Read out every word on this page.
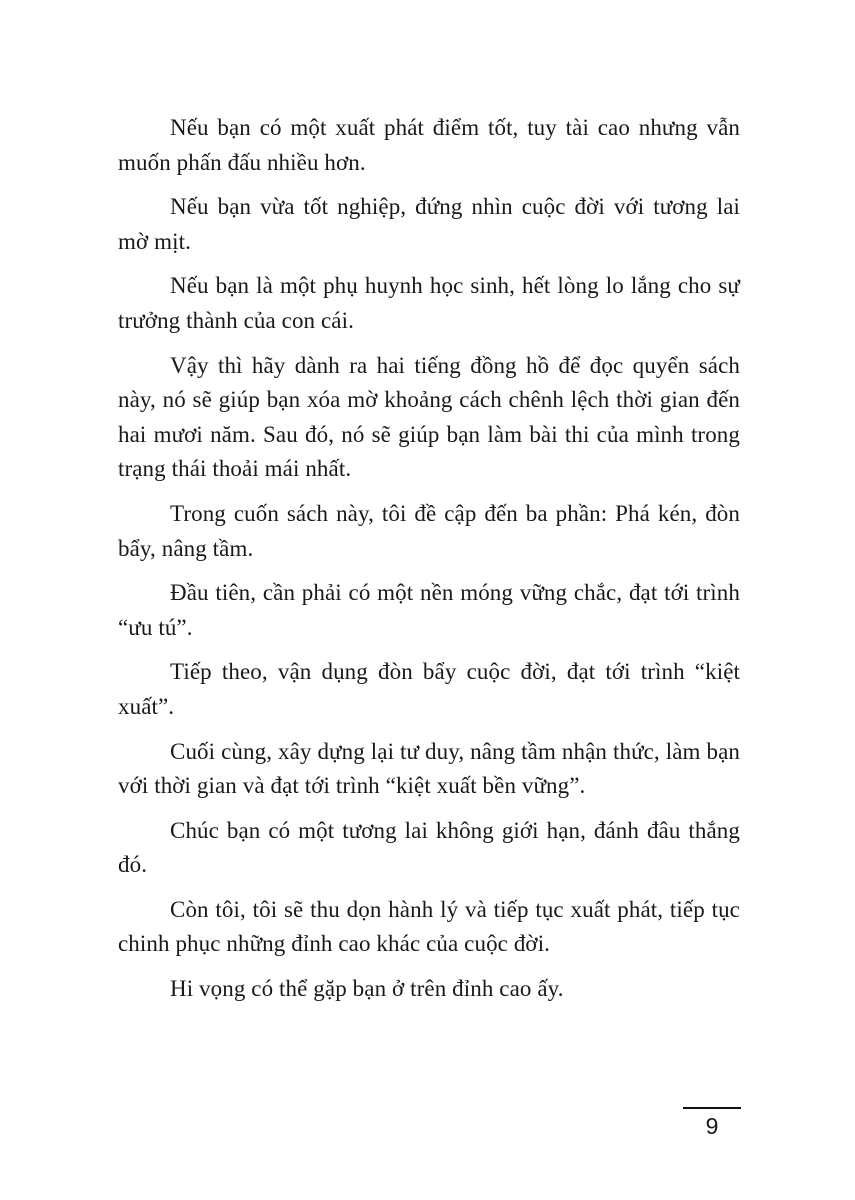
Nếu bạn có một xuất phát điểm tốt, tuy tài cao nhưng vẫn muốn phấn đấu nhiều hơn.

Nếu bạn vừa tốt nghiệp, đứng nhìn cuộc đời với tương lai mờ mịt.

Nếu bạn là một phụ huynh học sinh, hết lòng lo lắng cho sự trưởng thành của con cái.

Vậy thì hãy dành ra hai tiếng đồng hồ để đọc quyển sách này, nó sẽ giúp bạn xóa mờ khoảng cách chênh lệch thời gian đến hai mươi năm. Sau đó, nó sẽ giúp bạn làm bài thi của mình trong trạng thái thoải mái nhất.

Trong cuốn sách này, tôi đề cập đến ba phần: Phá kén, đòn bẩy, nâng tầm.

Đầu tiên, cần phải có một nền móng vững chắc, đạt tới trình “ưu tú”.

Tiếp theo, vận dụng đòn bẩy cuộc đời, đạt tới trình “kiệt xuất”.

Cuối cùng, xây dựng lại tư duy, nâng tầm nhận thức, làm bạn với thời gian và đạt tới trình “kiệt xuất bền vững”.

Chúc bạn có một tương lai không giới hạn, đánh đâu thắng đó.

Còn tôi, tôi sẽ thu dọn hành lý và tiếp tục xuất phát, tiếp tục chinh phục những đỉnh cao khác của cuộc đời.

Hi vọng có thể gặp bạn ở trên đỉnh cao ấy.

9
